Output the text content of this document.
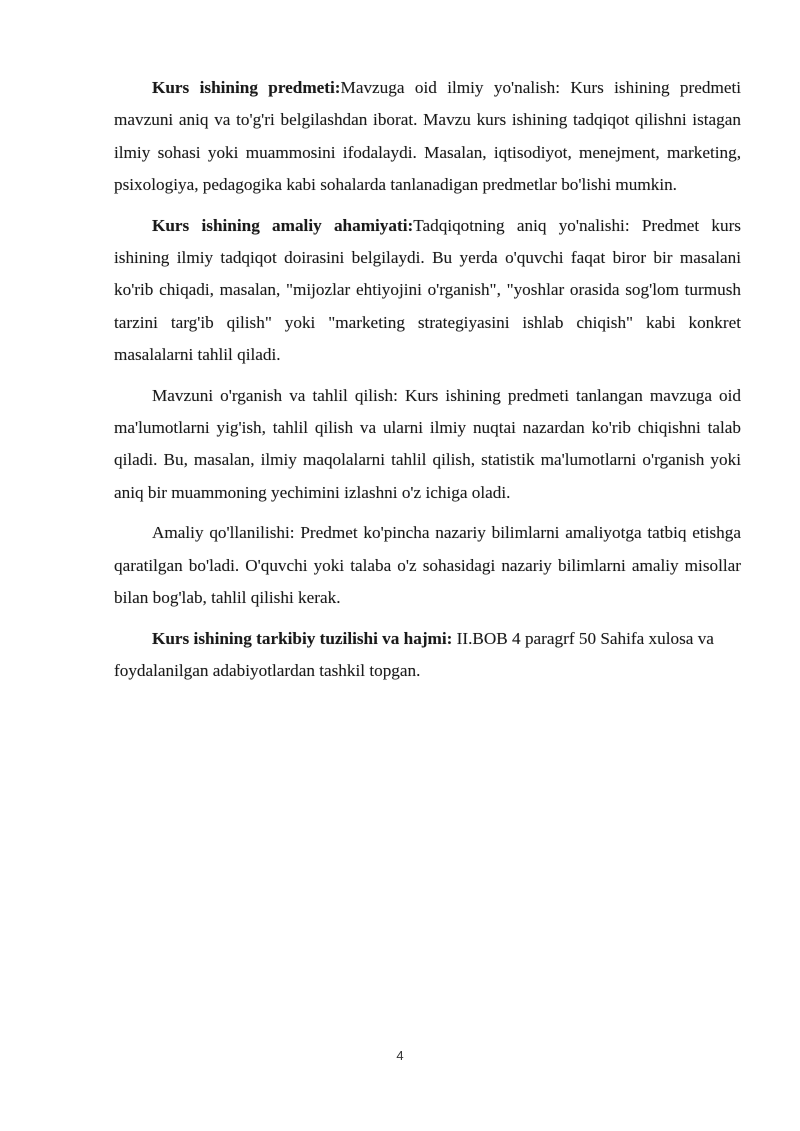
Kurs ishining predmeti:Mavzuga oid ilmiy yo'nalish: Kurs ishining predmeti mavzuni aniq va to'g'ri belgilashdan iborat. Mavzu kurs ishining tadqiqot qilishni istagan ilmiy sohasi yoki muammosini ifodalaydi. Masalan, iqtisodiyot, menejment, marketing, psixologiya, pedagogika kabi sohalarda tanlanadigan predmetlar bo'lishi mumkin.

Kurs ishining amaliy ahamiyati:Tadqiqotning aniq yo'nalishi: Predmet kurs ishining ilmiy tadqiqot doirasini belgilaydi. Bu yerda o'quvchi faqat biror bir masalani ko'rib chiqadi, masalan, "mijozlar ehtiyojini o'rganish", "yoshlar orasida sog'lom turmush tarzini targ'ib qilish" yoki "marketing strategiyasini ishlab chiqish" kabi konkret masalalarni tahlil qiladi.

Mavzuni o'rganish va tahlil qilish: Kurs ishining predmeti tanlangan mavzuga oid ma'lumotlarni yig'ish, tahlil qilish va ularni ilmiy nuqtai nazardan ko'rib chiqishni talab qiladi. Bu, masalan, ilmiy maqolalarni tahlil qilish, statistik ma'lumotlarni o'rganish yoki aniq bir muammoning yechimini izlashni o'z ichiga oladi.

Amaliy qo'llanilishi: Predmet ko'pincha nazariy bilimlarni amaliyotga tatbiq etishga qaratilgan bo'ladi. O'quvchi yoki talaba o'z sohasidagi nazariy bilimlarni amaliy misollar bilan bog'lab, tahlil qilishi kerak.

Kurs ishining tarkibiy tuzilishi va hajmi: II.BOB 4 paragrf 50 Sahifa xulosa va foydalanilgan adabiyotlardan tashkil topgan.

4
